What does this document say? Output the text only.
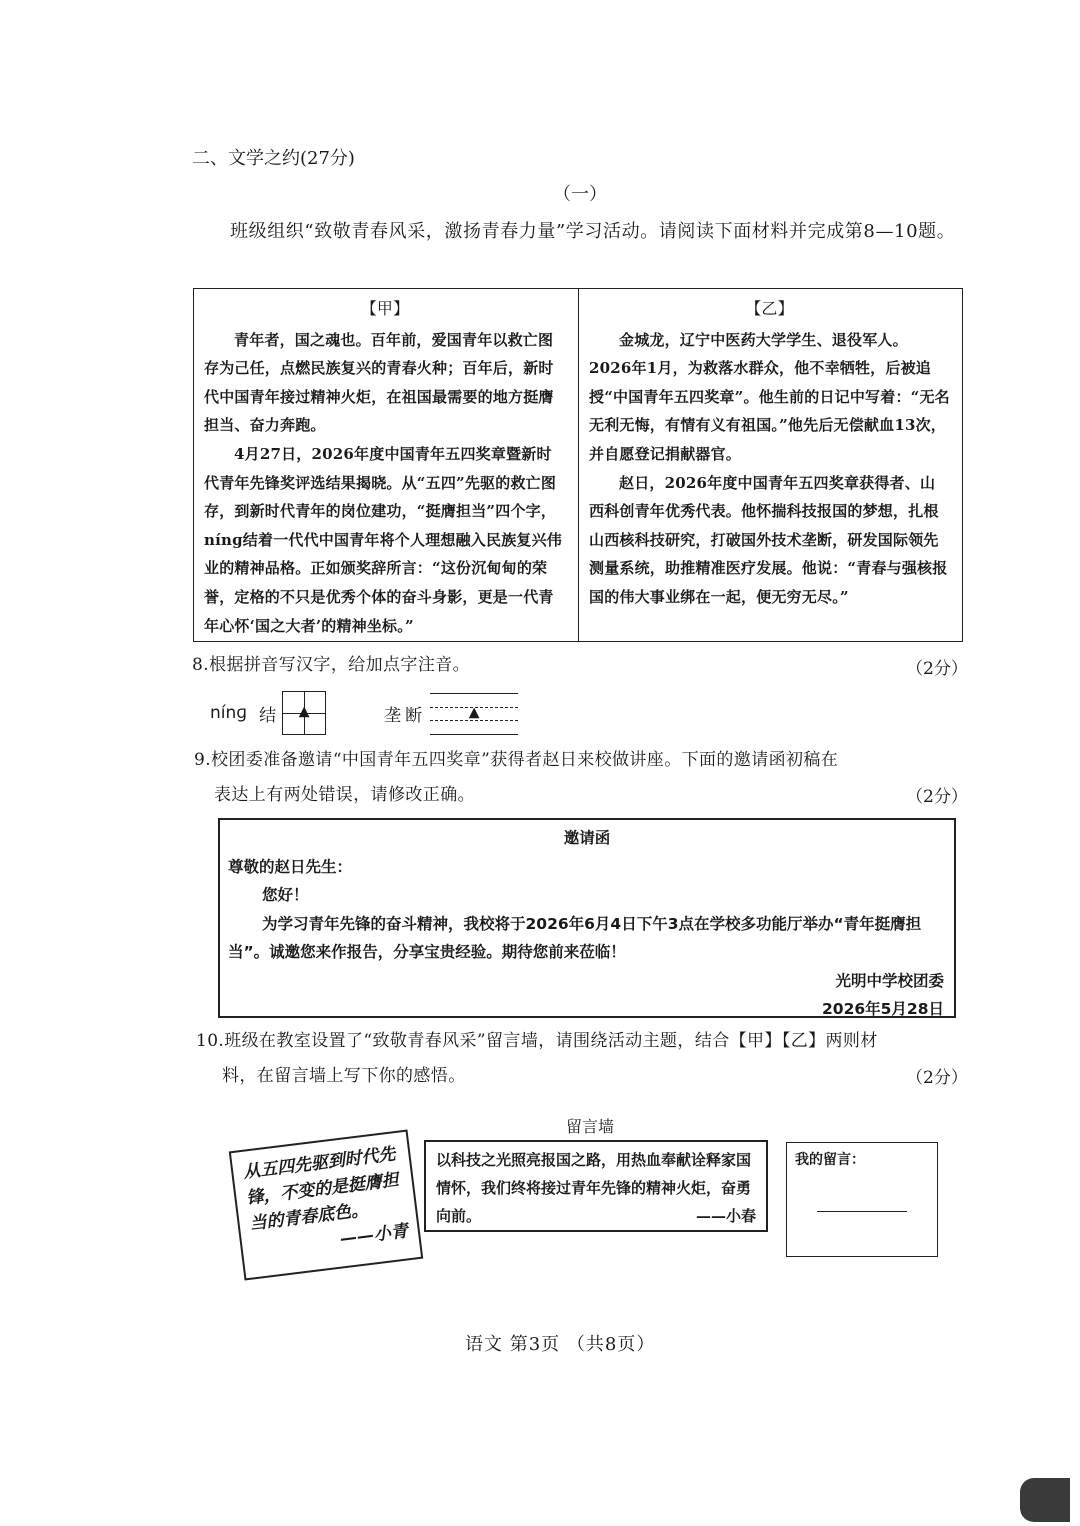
二、文学之约(27分)
（一）
班级组织“致敬青春风采，激扬青春力量”学习活动。请阅读下面材料并完成第8—10题。
【甲】

青年者，国之魂也。百年前，爱国青年以救亡图存为己任，点燃民族复兴的青春火种；百年后，新时代中国青年接过精神火炬，在祖国最需要的地方挺膺担当、奋力奔跑。

4月27日，2026年度中国青年五四奖章暨新时代青年先锋奖评选结果揭晓。从“五四”先驱的救亡图存，到新时代青年的岗位建功，“挺膺担当”四个字，nínɡ结着一代代中国青年将个人理想融入民族复兴伟业的精神品格。正如颁奖辞所言：“这份沉甸甸的荣誉，定格的不只是优秀个体的奋斗身影，更是一代青年心怀‘国之大者’的精神坐标。”

【乙】

金城龙，辽宁中医药大学学生、退役军人。2026年1月，为救落水群众，他不幸牺牲，后被追授“中国青年五四奖章”。他生前的日记中写着：“无名无利无悔，有情有义有祖国。”他先后无偿献血13次，并自愿登记捐献器官。

赵日，2026年度中国青年五四奖章获得者、山西科创青年优秀代表。他怀揣科技报国的梦想，扎根山西核科技研究，打破国外技术垄断，研发国际领先测量系统，助推精准医疗发展。他说：“青春与强核报国的伟大事业绑在一起，便无穷无尽。”

8.根据拼音写汉字，给加点字注音。	（2分）
nínɡ 结 ▲	垄 断	▲
9.校团委准备邀请“中国青年五四奖章”获得者赵日来校做讲座。下面的邀请函初稿在
表达上有两处错误，请修改正确。	（2分）
邀请函
尊敬的赵日先生：
您好！
为学习青年先锋的奋斗精神，我校将于2026年6月4日下午3点在学校多功能厅举办“青年挺膺担当”。诚邀您来作报告，分享宝贵经验。期待您前来莅临！
光明中学校团委
2026年5月28日
10.班级在教室设置了“致敬青春风采”留言墙，请围绕活动主题，结合【甲】【乙】两则材
料，在留言墙上写下你的感悟。	（2分）
留言墙
从五四先驱到时代先锋，不变的是挺膺担当的青春底色。
——小青
以科技之光照亮报国之路，用热血奉献诠释家国情怀，我们终将接过青年先锋的精神火炬，奋勇向前。	——小春
我的留言：
语文 第3页 （共8页）
